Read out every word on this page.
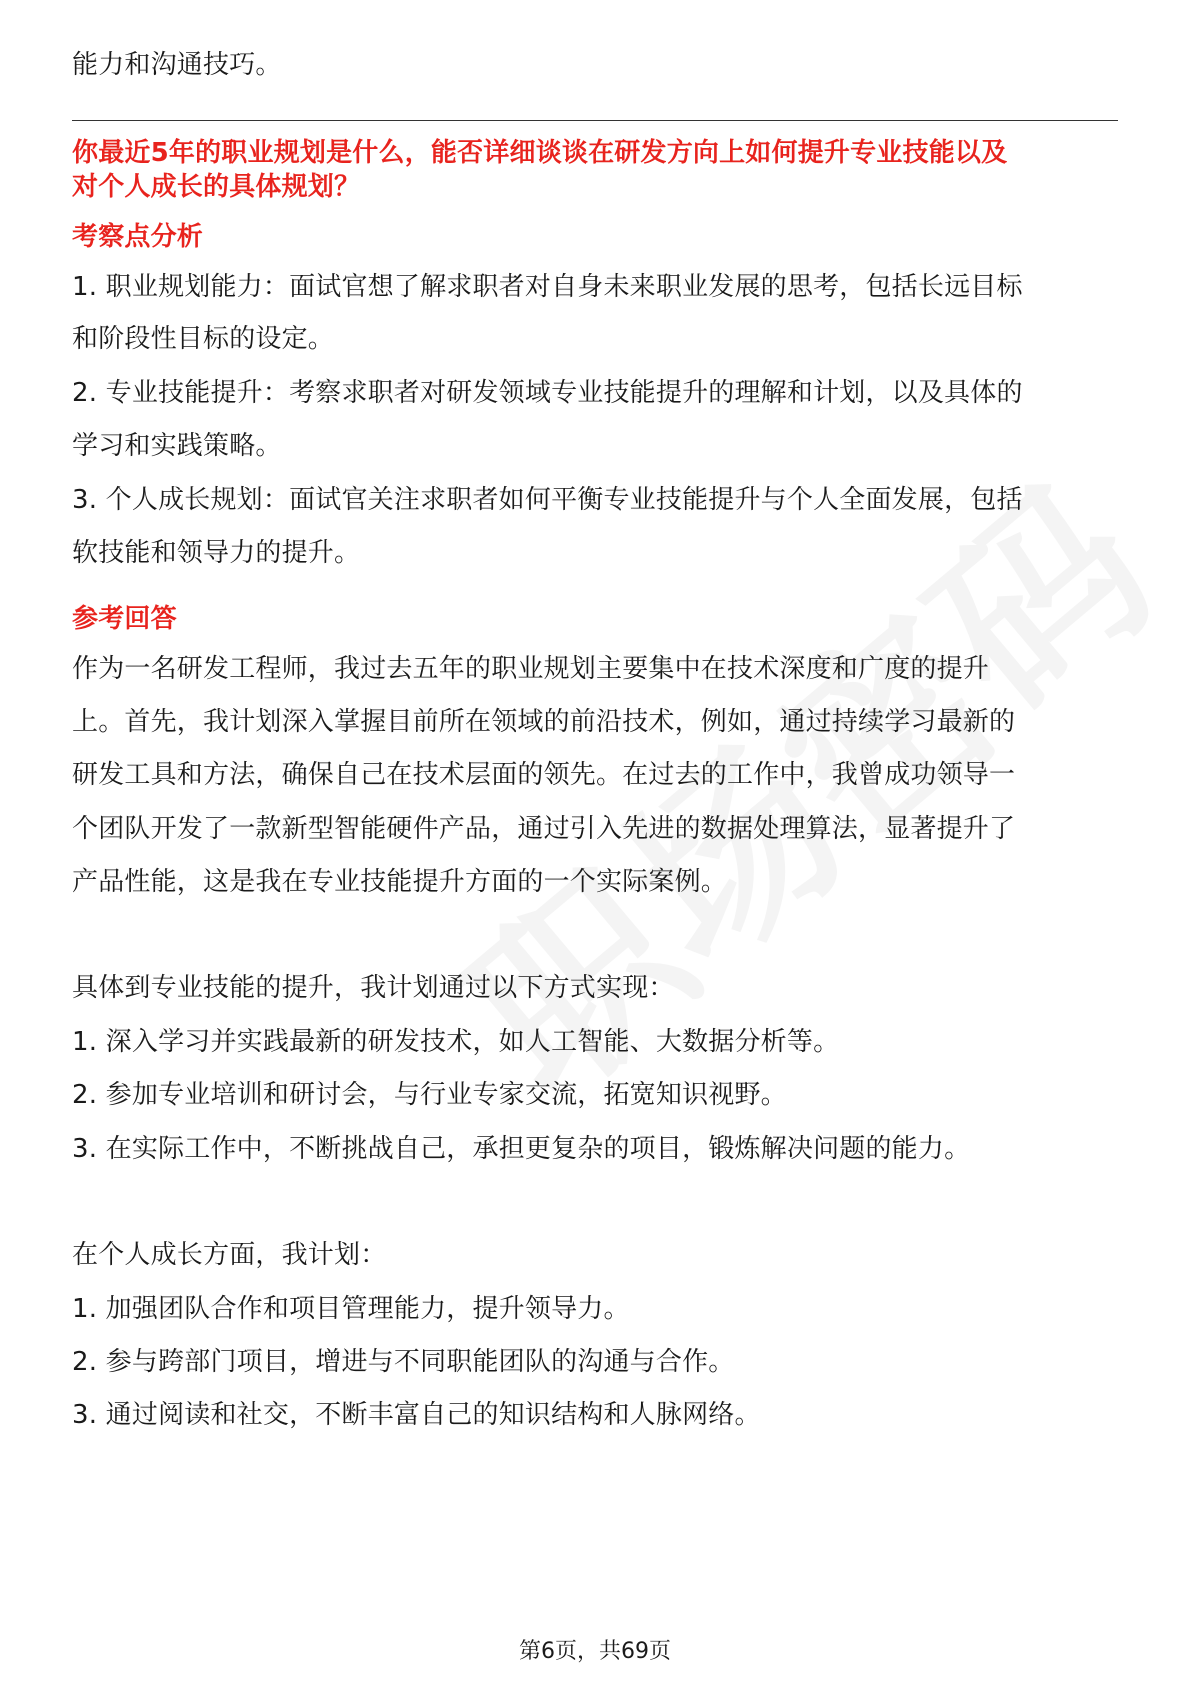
能力和沟通技巧。
你最近5年的职业规划是什么，能否详细谈谈在研发方向上如何提升专业技能以及
对个人成长的具体规划？
考察点分析
1. 职业规划能力：面试官想了解求职者对自身未来职业发展的思考，包括长远目标
和阶段性目标的设定。
2. 专业技能提升：考察求职者对研发领域专业技能提升的理解和计划，以及具体的
学习和实践策略。
3. 个人成长规划：面试官关注求职者如何平衡专业技能提升与个人全面发展，包括
软技能和领导力的提升。
参考回答
作为一名研发工程师，我过去五年的职业规划主要集中在技术深度和广度的提升
上。首先，我计划深入掌握目前所在领域的前沿技术，例如，通过持续学习最新的
研发工具和方法，确保自己在技术层面的领先。在过去的工作中，我曾成功领导一
个团队开发了一款新型智能硬件产品，通过引入先进的数据处理算法，显著提升了
产品性能，这是我在专业技能提升方面的一个实际案例。
具体到专业技能的提升，我计划通过以下方式实现：
1. 深入学习并实践最新的研发技术，如人工智能、大数据分析等。
2. 参加专业培训和研讨会，与行业专家交流，拓宽知识视野。
3. 在实际工作中，不断挑战自己，承担更复杂的项目，锻炼解决问题的能力。
在个人成长方面，我计划：
1. 加强团队合作和项目管理能力，提升领导力。
2. 参与跨部门项目，增进与不同职能团队的沟通与合作。
3. 通过阅读和社交，不断丰富自己的知识结构和人脉网络。
第6页，共69页
